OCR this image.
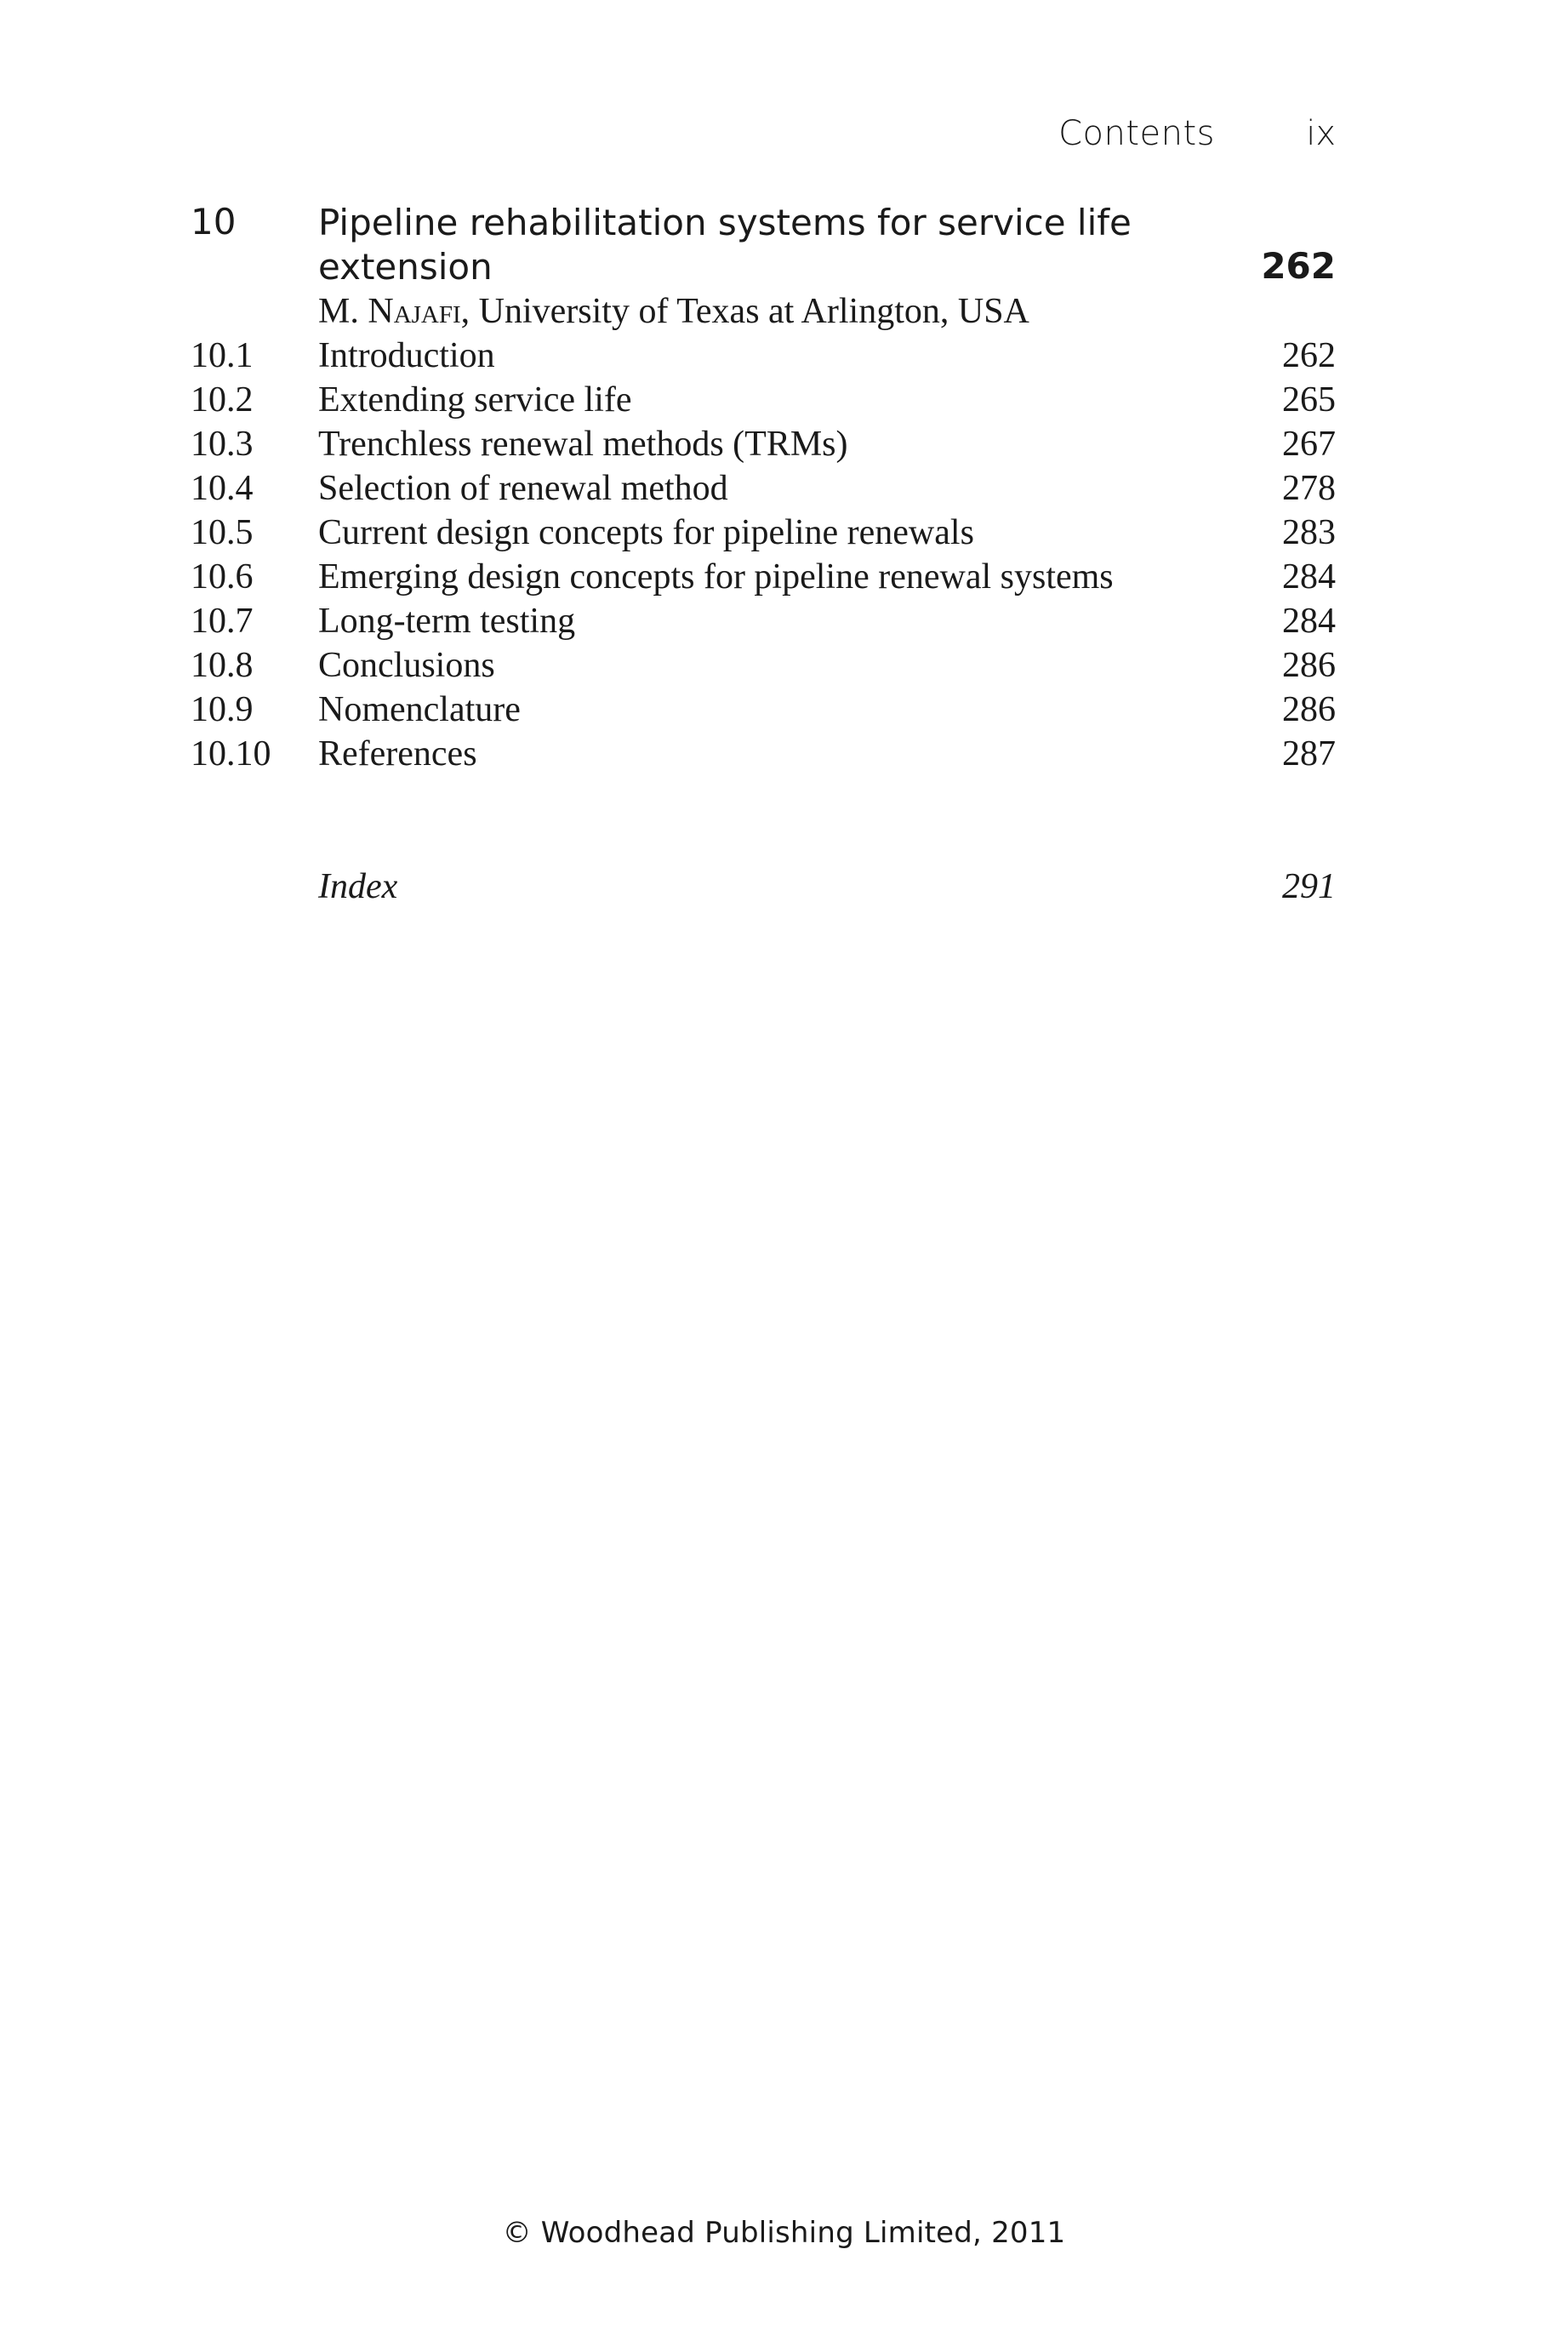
Contents	ix
10 Pipeline rehabilitation systems for service life extension	262
M. Najafi, University of Texas at Arlington, USA
10.1 Introduction	262
10.2 Extending service life	265
10.3 Trenchless renewal methods (TRMs)	267
10.4 Selection of renewal method	278
10.5 Current design concepts for pipeline renewals	283
10.6 Emerging design concepts for pipeline renewal systems	284
10.7 Long-term testing	284
10.8 Conclusions	286
10.9 Nomenclature	286
10.10 References	287
Index	291
© Woodhead Publishing Limited, 2011
